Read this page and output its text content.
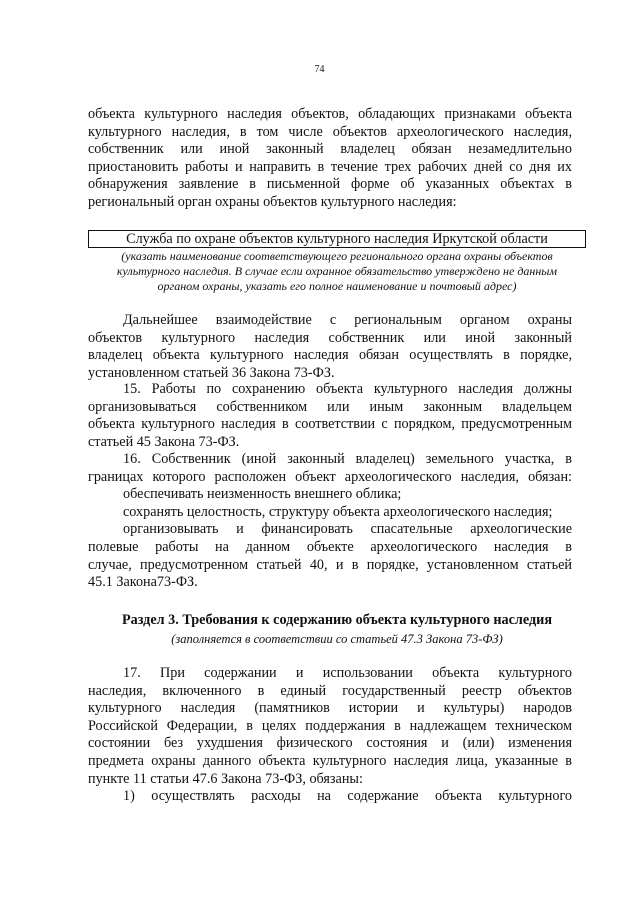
74
объекта культурного наследия объектов, обладающих признаками объекта
культурного наследия, в том числе объектов археологического наследия,
собственник или иной законный владелец обязан незамедлительно
приостановить работы и направить в течение трех рабочих дней со дня их
обнаружения заявление в письменной форме об указанных объектах в
региональный орган охраны объектов культурного наследия:
Служба по охране объектов культурного наследия Иркутской области
(указать наименование соответствующего регионального органа охраны объектов
культурного наследия. В случае если охранное обязательство утверждено не данным
органом охраны, указать его полное наименование и почтовый адрес)
Дальнейшее взаимодействие с региональным органом охраны
объектов культурного наследия собственник или иной законный
владелец объекта культурного наследия обязан осуществлять в порядке,
установленном статьей 36 Закона 73-ФЗ.
15. Работы по сохранению объекта культурного наследия должны
организовываться собственником или иным законным владельцем
объекта культурного наследия в соответствии с порядком, предусмотренным
статьей 45 Закона 73-ФЗ.
16. Собственник (иной законный владелец) земельного участка, в
границах которого расположен объект археологического наследия, обязан:
обеспечивать неизменность внешнего облика;
сохранять целостность, структуру объекта археологического наследия;
организовывать и финансировать спасательные археологические
полевые работы на данном объекте археологического наследия в
случае, предусмотренном статьей 40, и в порядке, установленном статьей
45.1 Закона73-ФЗ.
Раздел 3. Требования к содержанию объекта культурного наследия
(заполняется в соответствии со статьей 47.3 Закона 73-ФЗ)
17. При содержании и использовании объекта культурного
наследия, включенного в единый государственный реестр объектов
культурного наследия (памятников истории и культуры) народов
Российской Федерации, в целях поддержания в надлежащем техническом
состоянии без ухудшения физического состояния и (или) изменения
предмета охраны данного объекта культурного наследия лица, указанные в
пункте 11 статьи 47.6 Закона 73-ФЗ, обязаны:
1) осуществлять расходы на содержание объекта культурного
